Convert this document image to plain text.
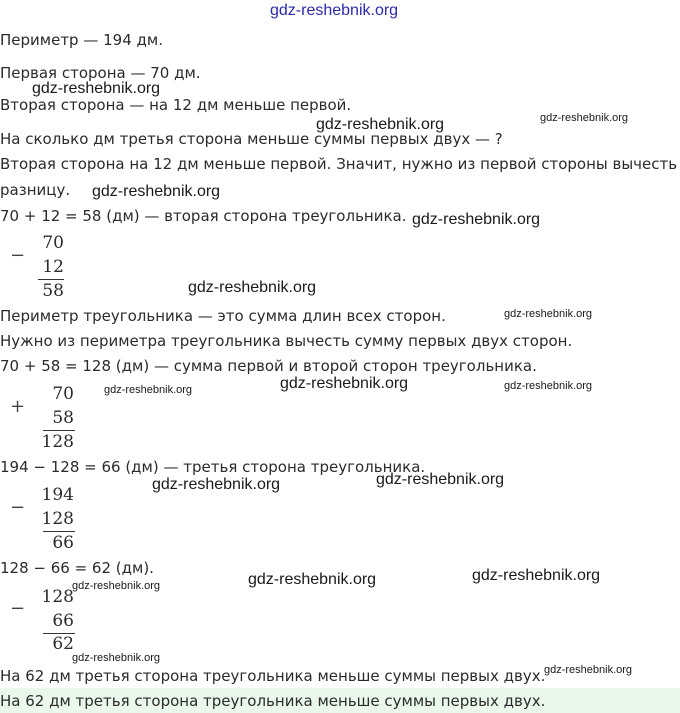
gdz-reshebnik.org
Периметр — 194 дм.
Первая сторона — 70 дм.
Вторая сторона — на 12 дм меньше первой.
На сколько дм третья сторона меньше суммы первых двух — ?
Вторая сторона на 12 дм меньше первой. Значит, нужно из первой стороны вычесть
разницу.
70 + 12 = 58 (дм) — вторая сторона треугольника.
−
70
12
58
Периметр треугольника — это сумма длин всех сторон.
Нужно из периметра треугольника вычесть сумму первых двух сторон.
70 + 58 = 128 (дм) — сумма первой и второй сторон треугольника.
+
70
58
128
194 − 128 = 66 (дм) — третья сторона треугольника.
−
194
128
66
128 − 66 = 62 (дм).
−
128
66
62
На 62 дм третья сторона треугольника меньше суммы первых двух.
На 62 дм третья сторона треугольника меньше суммы первых двух.
gdz-reshebnik.org
gdz-reshebnik.org	gdz-reshebnik.org
gdz-reshebnik.org
gdz-reshebnik.org
gdz-reshebnik.org
gdz-reshebnik.org
gdz-reshebnik.org
gdz-reshebnik.org	gdz-reshebnik.org
gdz-reshebnik.org
gdz-reshebnik.org
gdz-reshebnik.org	gdz-reshebnik.org
gdz-reshebnik.org
gdz-reshebnik.org
gdz-reshebnik.org
